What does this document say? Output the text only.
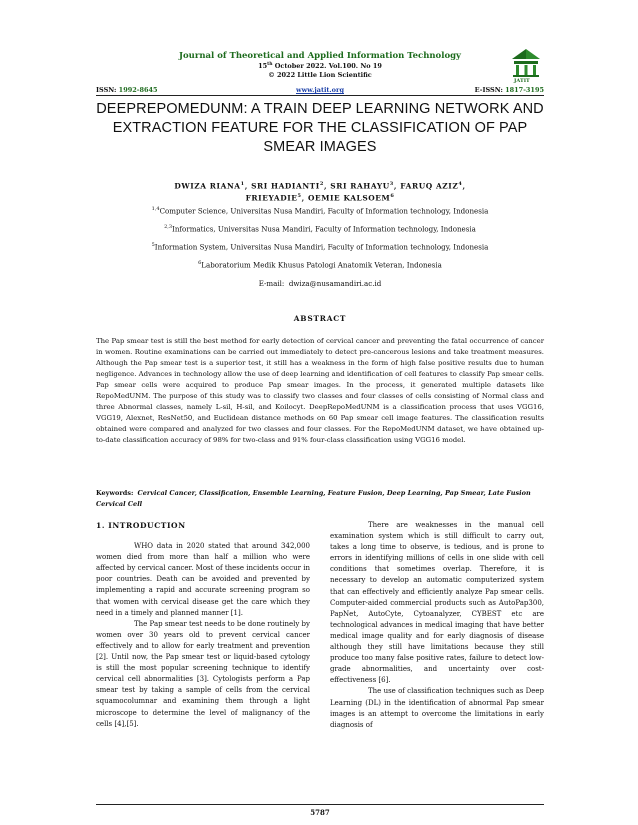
Journal of Theoretical and Applied Information Technology
15th October 2022. Vol.100. No 19
© 2022 Little Lion Scientific
JATIT
ISSN: 1992-8645	www.jatit.org	E-ISSN: 1817-3195
DEEPREPOMEDUNM: A TRAIN DEEP LEARNING NETWORK AND EXTRACTION FEATURE FOR THE CLASSIFICATION OF PAP SMEAR IMAGES
DWIZA RIANA$^1$, SRI HADIANTI$^2$, SRI RAHAYU$^3$, FARUQ AZIZ$^4$, FRIEYADIE$^5$, OEMIE KALSOEM$^6$
$^{1,4}$Computer Science, Universitas Nusa Mandiri, Faculty of Information technology, Indonesia
$^{2,3}$Informatics, Universitas Nusa Mandiri, Faculty of Information technology, Indonesia
$^5$Information System, Universitas Nusa Mandiri, Faculty of Information technology, Indonesia
$^6$Laboratorium Medik Khusus Patologi Anatomik Veteran, Indonesia
E-mail: dwiza@nusamandiri.ac.id
ABSTRACT
The Pap smear test is still the best method for early detection of cervical cancer and preventing the fatal occurrence of cancer in women. Routine examinations can be carried out immediately to detect pre-cancerous lesions and take treatment measures. Although the Pap smear test is a superior test, it still has a weakness in the form of high false positive results due to human negligence. Advances in technology allow the use of deep learning and identification of cell features to classify Pap smear cells. Pap smear cells were acquired to produce Pap smear images. In the process, it generated multiple datasets like RepoMedUNM. The purpose of this study was to classify two classes and four classes of cells consisting of Normal class and three Abnormal classes, namely L-sil, H-sil, and Koilocyt. DeepRepoMedUNM is a classification process that uses VGG16, VGG19, Alexnet, ResNet50, and Euclidean distance methods on 60 Pap smear cell image features. The classification results obtained were compared and analyzed for two classes and four classes. For the RepoMedUNM dataset, we have obtained up-to-date classification accuracy of 98% for two-class and 91% four-class classification using VGG16 model.
Keywords: Cervical Cancer, Classification, Ensemble Learning, Feature Fusion, Deep Learning, Pap Smear, Late Fusion Cervical Cell
1. INTRODUCTION

WHO data in 2020 stated that around 342,000 women died from more than half a million who were affected by cervical cancer. Most of these incidents occur in poor countries. Death can be avoided and prevented by implementing a rapid and accurate screening program so that women with cervical disease get the care which they need in a timely and planned manner [1].

The Pap smear test needs to be done routinely by women over 30 years old to prevent cervical cancer effectively and to allow for early treatment and prevention [2]. Until now, the Pap smear test or liquid-based cytology is still the most popular screening technique to identify cervical cell abnormalities [3]. Cytologists perform a Pap smear test by taking a sample of cells from the cervical squamocolumnar and examining them through a light microscope to determine the level of malignancy of the cells [4],[5].

There are weaknesses in the manual cell examination system which is still difficult to carry out, takes a long time to observe, is tedious, and is prone to errors in identifying millions of cells in one slide with cell conditions that sometimes overlap. Therefore, it is necessary to develop an automatic computerized system that can effectively and efficiently analyze Pap smear cells. Computer-aided commercial products such as AutoPap300, PapNet, AutoCyte, Cytoanalyzer, CYBEST etc are technological advances in medical imaging that have better medical image quality and for early diagnosis of disease although they still have limitations because they still produce too many false positive rates, failure to detect low-grade abnormalities, and uncertainty over cost-effectiveness [6].

The use of classification techniques such as Deep Learning (DL) in the identification of abnormal Pap smear images is an attempt to overcome the limitations in early diagnosis of

5787
